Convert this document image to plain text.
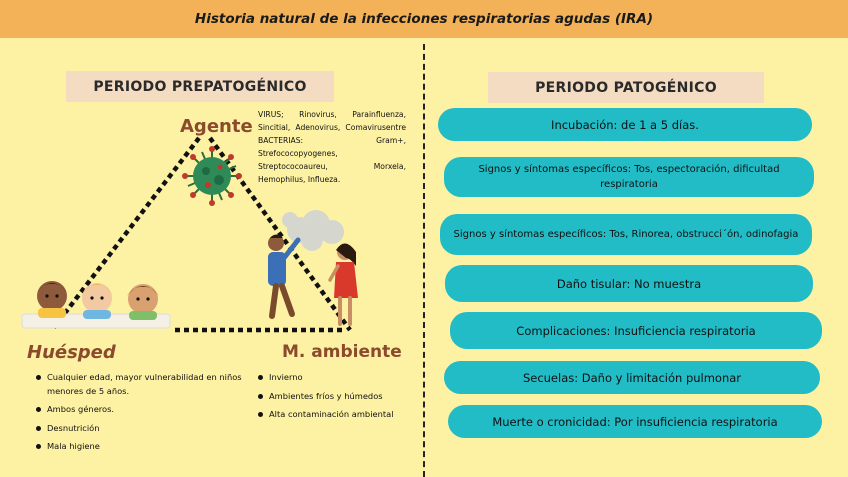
Historia natural de la infecciones respiratorias agudas (IRA)
PERIODO PREPATOGÉNICO
Agente
VIRUS; Rinovirus, Parainfluenza, Sincitial, Adenovirus, Comavirusentre BACTERIAS: Gram+, Strefococopyogenes, Streptococoaureu, Morxela, Hemophilus, Influeza.
Huésped
Cualquier edad, mayor vulnerabilidad en niños menores de 5 años.
Ambos géneros.
Desnutrición
Mala higiene
M. ambiente
Invierno
Ambientes fríos y húmedos
Alta contaminación ambiental
PERIODO PATOGÉNICO
Incubación: de 1 a 5 días.
Signos y síntomas específicos: Tos, espectoración, dificultad respiratoria
Signos y síntomas específicos: Tos, Rinorea, obstrucci´ón, odinofagia
Daño tisular: No muestra
Complicaciones: Insuficiencia respiratoria
Secuelas: Daño y limitación pulmonar
Muerte o cronicidad: Por insuficiencia respiratoria
